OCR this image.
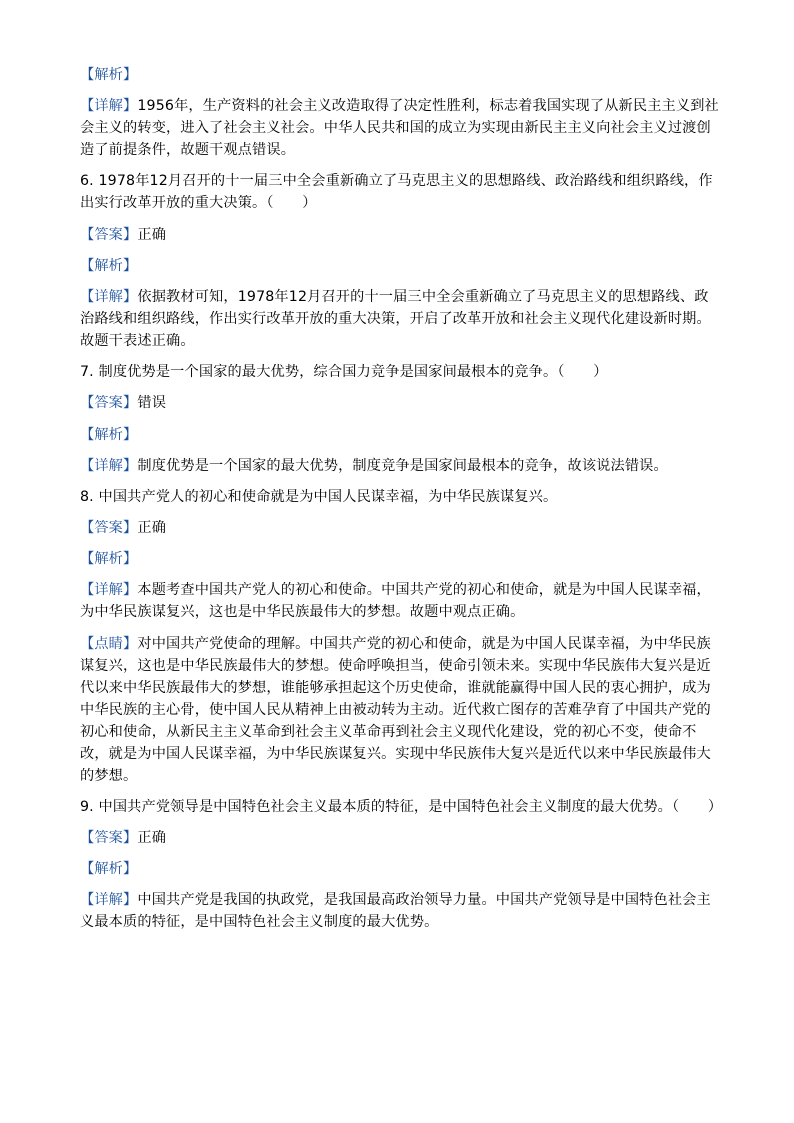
【解析】

【详解】1956年，生产资料的社会主义改造取得了决定性胜利，标志着我国实现了从新民主主义到社会主义的转变，进入了社会主义社会。中华人民共和国的成立为实现由新民主主义向社会主义过渡创造了前提条件，故题干观点错误。

6. 1978年12月召开的十一届三中全会重新确立了马克思主义的思想路线、政治路线和组织路线，作出实行改革开放的重大决策。（　　）

【答案】正确

【解析】

【详解】依据教材可知，1978年12月召开的十一届三中全会重新确立了马克思主义的思想路线、政治路线和组织路线，作出实行改革开放的重大决策，开启了改革开放和社会主义现代化建设新时期。故题干表述正确。

7. 制度优势是一个国家的最大优势，综合国力竞争是国家间最根本的竞争。（　　）

【答案】错误

【解析】

【详解】制度优势是一个国家的最大优势，制度竞争是国家间最根本的竞争，故该说法错误。

8. 中国共产党人的初心和使命就是为中国人民谋幸福，为中华民族谋复兴。

【答案】正确

【解析】

【详解】本题考查中国共产党人的初心和使命。中国共产党的初心和使命，就是为中国人民谋幸福，为中华民族谋复兴，这也是中华民族最伟大的梦想。故题中观点正确。

【点睛】对中国共产党使命的理解。中国共产党的初心和使命，就是为中国人民谋幸福，为中华民族谋复兴，这也是中华民族最伟大的梦想。使命呼唤担当，使命引领未来。实现中华民族伟大复兴是近代以来中华民族最伟大的梦想，谁能够承担起这个历史使命，谁就能赢得中国人民的衷心拥护，成为中华民族的主心骨，使中国人民从精神上由被动转为主动。近代救亡图存的苦难孕育了中国共产党的初心和使命，从新民主主义革命到社会主义革命再到社会主义现代化建设，党的初心不变，使命不改，就是为中国人民谋幸福，为中华民族谋复兴。实现中华民族伟大复兴是近代以来中华民族最伟大的梦想。

9. 中国共产党领导是中国特色社会主义最本质的特征，是中国特色社会主义制度的最大优势。（　　）

【答案】正确

【解析】

【详解】中国共产党是我国的执政党，是我国最高政治领导力量。中国共产党领导是中国特色社会主义最本质的特征，是中国特色社会主义制度的最大优势。
